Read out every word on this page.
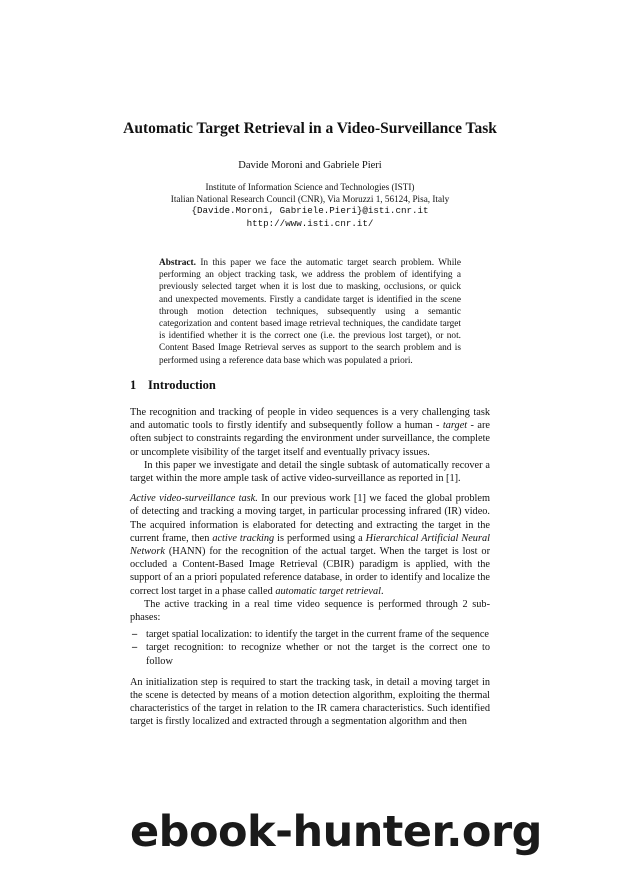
Automatic Target Retrieval in a Video-Surveillance Task
Davide Moroni and Gabriele Pieri
Institute of Information Science and Technologies (ISTI)
Italian National Research Council (CNR), Via Moruzzi 1, 56124, Pisa, Italy
{Davide.Moroni, Gabriele.Pieri}@isti.cnr.it
http://www.isti.cnr.it/

Abstract. In this paper we face the automatic target search problem. While performing an object tracking task, we address the problem of identifying a previously selected target when it is lost due to masking, occlusions, or quick and unexpected movements. Firstly a candidate target is identified in the scene through motion detection techniques, subsequently using a semantic categorization and content based image retrieval techniques, the candidate target is identified whether it is the correct one (i.e. the previous lost target), or not. Content Based Image Retrieval serves as support to the search problem and is performed using a reference data base which was populated a priori.

1 Introduction

The recognition and tracking of people in video sequences is a very challenging task and automatic tools to firstly identify and subsequently follow a human - target - are often subject to constraints regarding the environment under surveillance, the complete or uncomplete visibility of the target itself and eventually privacy issues.

In this paper we investigate and detail the single subtask of automatically recover a target within the more ample task of active video-surveillance as reported in [1].

Active video-surveillance task. In our previous work [1] we faced the global problem of detecting and tracking a moving target, in particular processing infrared (IR) video. The acquired information is elaborated for detecting and extracting the target in the current frame, then active tracking is performed using a Hierarchical Artificial Neural Network (HANN) for the recognition of the actual target. When the target is lost or occluded a Content-Based Image Retrieval (CBIR) paradigm is applied, with the support of an a priori populated reference database, in order to identify and localize the correct lost target in a phase called automatic target retrieval.

The active tracking in a real time video sequence is performed through 2 sub-phases:

– target spatial localization: to identify the target in the current frame of the sequence
– target recognition: to recognize whether or not the target is the correct one to follow

An initialization step is required to start the tracking task, in detail a moving target in the scene is detected by means of a motion detection algorithm, exploiting the thermal characteristics of the target in relation to the IR camera characteristics. Such identified target is firstly localized and extracted through a segmentation algorithm and then

ebook-hunter.org
